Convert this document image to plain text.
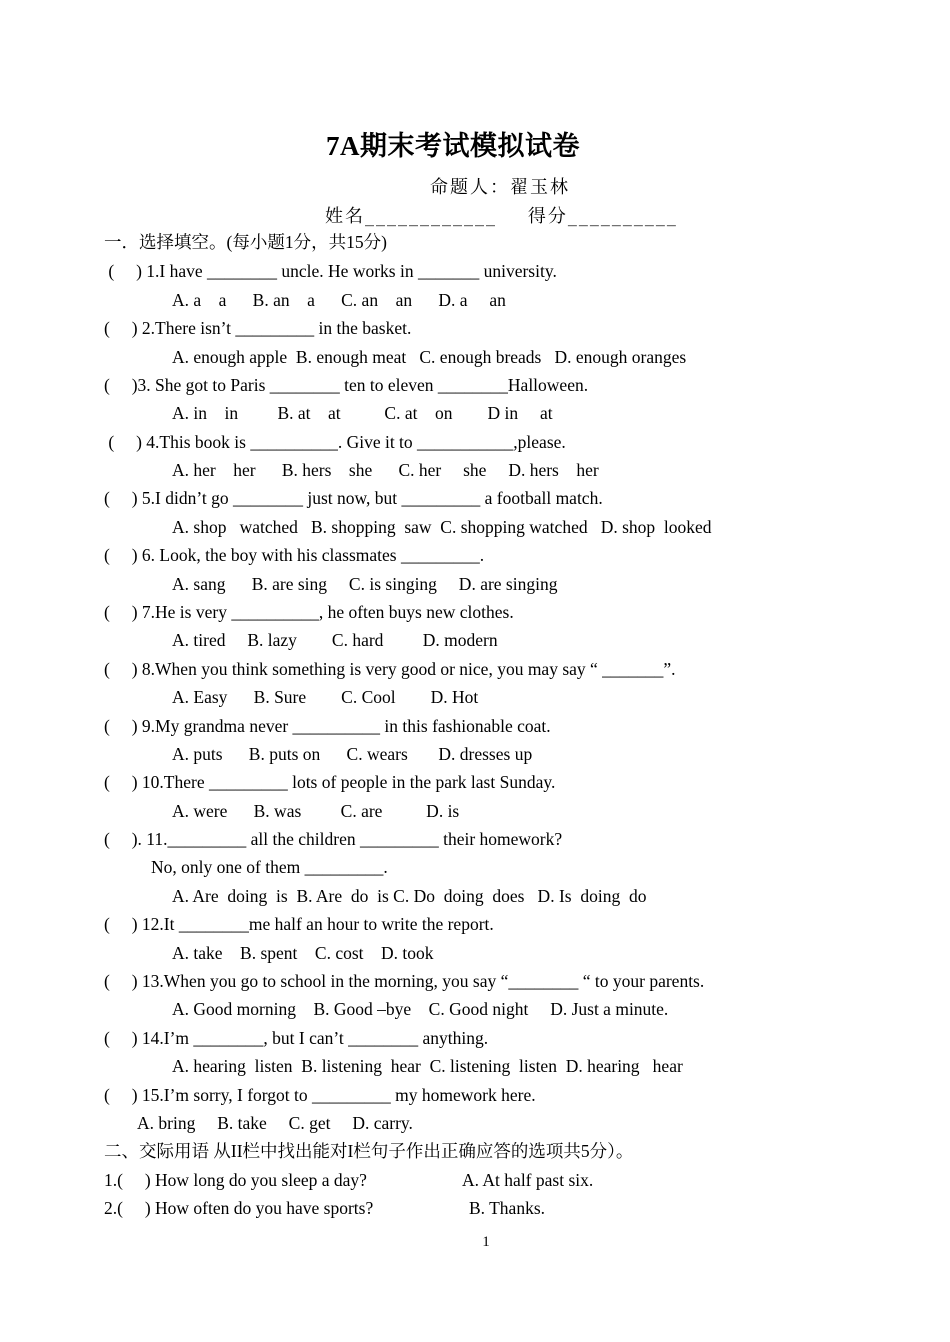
7A期末考试模拟试卷
命题人：翟玉林
姓名____________ 得分__________
一．选择填空。(每小题1分，共15分)
(     ) 1.I have ________ uncle. He works in _______ university.
A. a    a      B. an    a      C. an    an      D. a     an
(     ) 2.There isn’t _________ in the basket.
A. enough apple  B. enough meat   C. enough breads   D. enough oranges
(     )3. She got to Paris ________ ten to eleven ________Halloween.
A. in    in         B. at    at          C. at    on        D in     at
(     ) 4.This book is __________. Give it to ___________,please.
A. her    her      B. hers    she      C. her     she     D. hers    her
(     ) 5.I didn’t go ________ just now, but _________ a football match.
A. shop   watched   B. shopping  saw  C. shopping watched   D. shop  looked
(     ) 6. Look, the boy with his classmates _________.
A. sang      B. are sing     C. is singing     D. are singing
(     ) 7.He is very __________, he often buys new clothes.
A. tired     B. lazy        C. hard         D. modern
(     ) 8.When you think something is very good or nice, you may say “ _______”.
A. Easy      B. Sure        C. Cool        D. Hot
(     ) 9.My grandma never __________ in this fashionable coat.
A. puts      B. puts on      C. wears       D. dresses up
(     ) 10.There _________ lots of people in the park last Sunday.
A. were      B. was         C. are          D. is
(     ). 11._________ all the children _________ their homework?
No, only one of them _________.
A. Are  doing  is  B. Are  do  is C. Do  doing  does   D. Is  doing  do
(     ) 12.It ________me half an hour to write the report.
A. take    B. spent    C. cost    D. took
(     ) 13.When you go to school in the morning, you say “________ “ to your parents.
A. Good morning    B. Good –bye    C. Good night     D. Just a minute.
(     ) 14.I’m ________, but I can’t ________ anything.
A. hearing  listen  B. listening  hear  C. listening  listen  D. hearing   hear
(     ) 15.I’m sorry, I forgot to _________ my homework here.
A. bring     B. take     C. get     D. carry.
二、交际用语 从II栏中找出能对I栏句子作出正确应答的选项共5分）。
1.(     ) How long do you sleep a day?	A. At half past six.
2.(     ) How often do you have sports?	B. Thanks.
1
